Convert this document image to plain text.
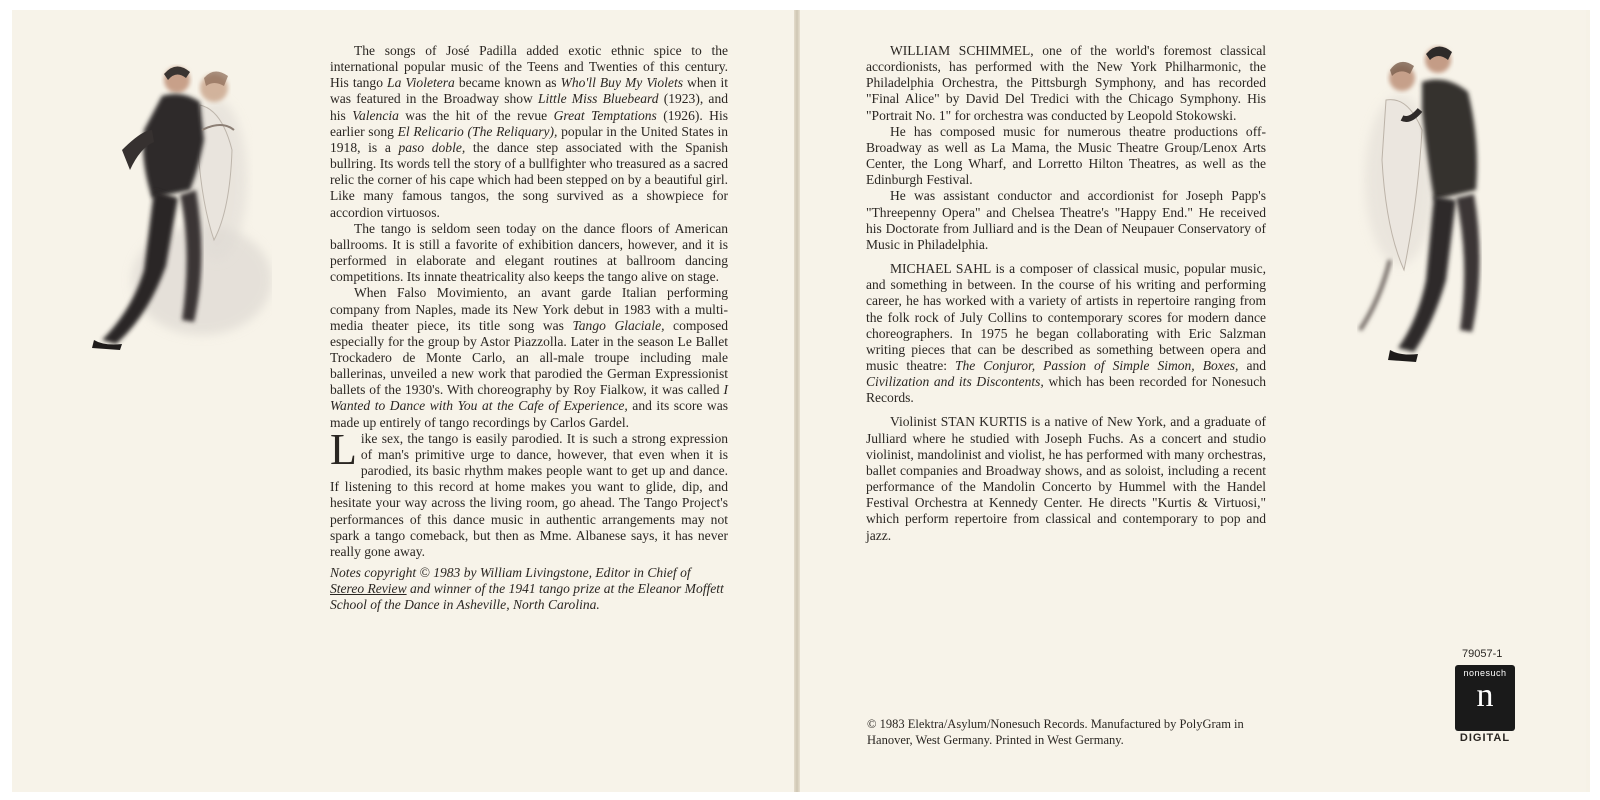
The songs of José Padilla added exotic ethnic spice to the international popular music of the Teens and Twenties of this century. His tango La Violetera became known as Who'll Buy My Violets when it was featured in the Broadway show Little Miss Bluebeard (1923), and his Valencia was the hit of the revue Great Temptations (1926). His earlier song El Relicario (The Reliquary), popular in the United States in 1918, is a paso doble, the dance step associated with the Spanish bullring. Its words tell the story of a bullfighter who treasured as a sacred relic the corner of his cape which had been stepped on by a beautiful girl. Like many famous tangos, the song survived as a showpiece for accordion virtuosos.

The tango is seldom seen today on the dance floors of American ballrooms. It is still a favorite of exhibition dancers, however, and it is performed in elaborate and elegant routines at ballroom dancing competitions. Its innate theatricality also keeps the tango alive on stage.

When Falso Movimiento, an avant garde Italian performing company from Naples, made its New York debut in 1983 with a multi-media theater piece, its title song was Tango Glaciale, composed especially for the group by Astor Piazzolla. Later in the season Le Ballet Trockadero de Monte Carlo, an all-male troupe including male ballerinas, unveiled a new work that parodied the German Expressionist ballets of the 1930's. With choreography by Roy Fialkow, it was called I Wanted to Dance with You at the Cafe of Experience, and its score was made up entirely of tango recordings by Carlos Gardel.

Like sex, the tango is easily parodied. It is such a strong expression of man's primitive urge to dance, however, that even when it is parodied, its basic rhythm makes people want to get up and dance. If listening to this record at home makes you want to glide, dip, and hesitate your way across the living room, go ahead. The Tango Project's performances of this dance music in authentic arrangements may not spark a tango comeback, but then as Mme. Albanese says, it has never really gone away.

Notes copyright © 1983 by William Livingstone, Editor in Chief of Stereo Review and winner of the 1941 tango prize at the Eleanor Moffett School of the Dance in Asheville, North Carolina.

WILLIAM SCHIMMEL, one of the world's foremost classical accordionists, has performed with the New York Philharmonic, the Philadelphia Orchestra, the Pittsburgh Symphony, and has recorded "Final Alice" by David Del Tredici with the Chicago Symphony. His "Portrait No. 1" for orchestra was conducted by Leopold Stokowski.

He has composed music for numerous theatre productions off-Broadway as well as La Mama, the Music Theatre Group/Lenox Arts Center, the Long Wharf, and Lorretto Hilton Theatres, as well as the Edinburgh Festival.

He was assistant conductor and accordionist for Joseph Papp's "Threepenny Opera" and Chelsea Theatre's "Happy End." He received his Doctorate from Julliard and is the Dean of Neupauer Conservatory of Music in Philadelphia.

MICHAEL SAHL is a composer of classical music, popular music, and something in between. In the course of his writing and performing career, he has worked with a variety of artists in repertoire ranging from the folk rock of July Collins to contemporary scores for modern dance choreographers. In 1975 he began collaborating with Eric Salzman writing pieces that can be described as something between opera and music theatre: The Conjuror, Passion of Simple Simon, Boxes, and Civilization and its Discontents, which has been recorded for Nonesuch Records.

Violinist STAN KURTIS is a native of New York, and a graduate of Julliard where he studied with Joseph Fuchs. As a concert and studio violinist, mandolinist and violist, he has performed with many orchestras, ballet companies and Broadway shows, and as soloist, including a recent performance of the Mandolin Concerto by Hummel with the Handel Festival Orchestra at Kennedy Center. He directs "Kurtis & Virtuosi," which perform repertoire from classical and contemporary to pop and jazz.

© 1983 Elektra/Asylum/Nonesuch Records. Manufactured by PolyGram in Hanover, West Germany. Printed in West Germany.
79057-1
nonesuch
n
DIGITAL
